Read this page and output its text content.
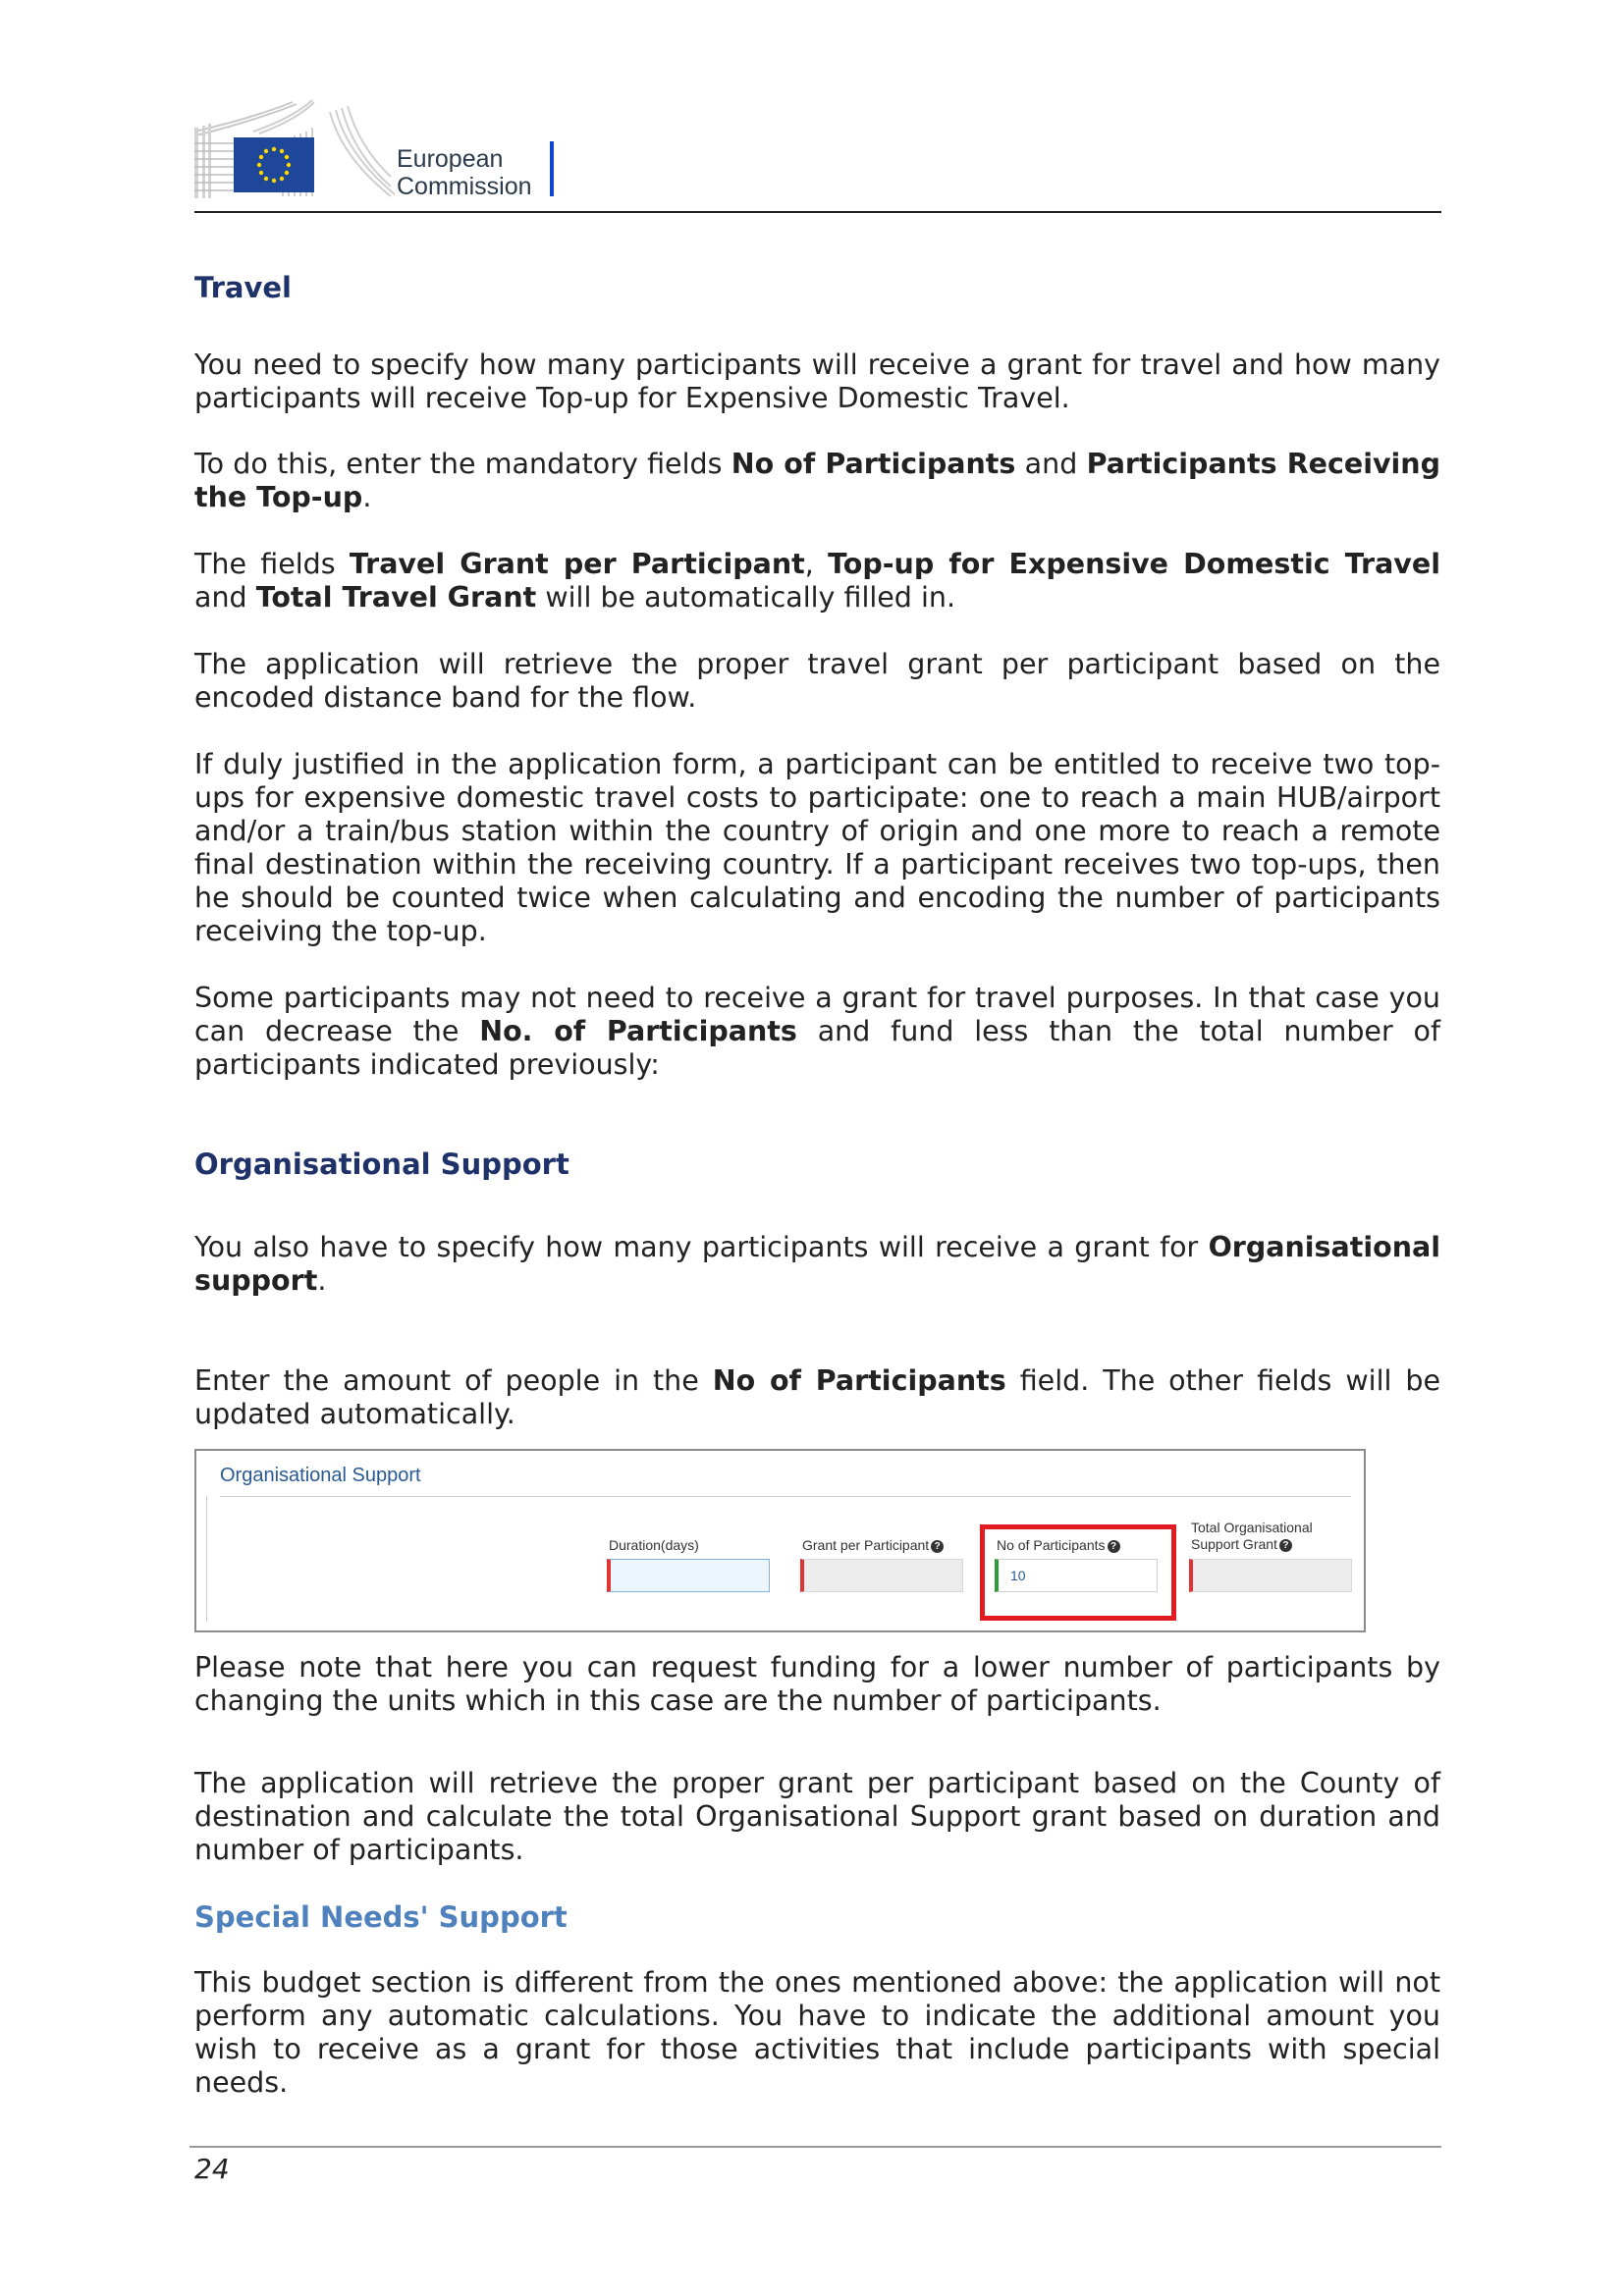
European
Commission
Travel

You need to specify how many participants will receive a grant for travel and how many participants will receive Top-up for Expensive Domestic Travel.

To do this, enter the mandatory fields No of Participants and Participants Receiving the Top-up.

The fields Travel Grant per Participant, Top-up for Expensive Domestic Travel and Total Travel Grant will be automatically filled in.

The application will retrieve the proper travel grant per participant based on the encoded distance band for the flow.

If duly justified in the application form, a participant can be entitled to receive two top-ups for expensive domestic travel costs to participate: one to reach a main HUB/airport and/or a train/bus station within the country of origin and one more to reach a remote final destination within the receiving country. If a participant receives two top-ups, then he should be counted twice when calculating and encoding the number of participants receiving the top-up.

Some participants may not need to receive a grant for travel purposes. In that case you can decrease the No. of Participants and fund less than the total number of participants indicated previously:

Organisational Support

You also have to specify how many participants will receive a grant for Organisational support.

Enter the amount of people in the No of Participants field. The other fields will be updated automatically.

Organisational Support
Duration(days)	Grant per Participant ?	No of Participants ?
10
Total Organisational
Support Grant ?

Please note that here you can request funding for a lower number of participants by changing the units which in this case are the number of participants.

The application will retrieve the proper grant per participant based on the County of destination and calculate the total Organisational Support grant based on duration and number of participants.

Special Needs' Support

This budget section is different from the ones mentioned above: the application will not perform any automatic calculations. You have to indicate the additional amount you wish to receive as a grant for those activities that include participants with special needs.

24
